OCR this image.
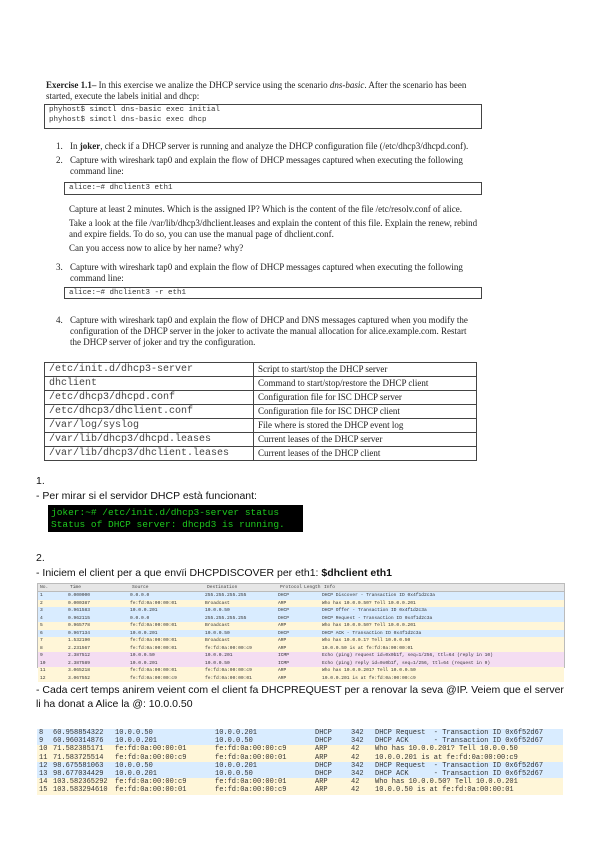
Exercise 1.1– In this exercise we analize the DHCP service using the scenario dns-basic. After the scenario has been started, execute the labels initial and dhcp:
phyhost$ simctl dns-basic exec initial
phyhost$ simctl dns-basic exec dhcp
1. In joker, check if a DHCP server is running and analyze the DHCP configuration file (/etc/dhcp3/dhcpd.conf).
2. Capture with wireshark tap0 and explain the flow of DHCP messages captured when executing the following command line:
alice:~# dhclient3 eth1
Capture at least 2 minutes. Which is the assigned IP? Which is the content of the file /etc/resolv.conf of alice.
Take a look at the file /var/lib/dhcp3/dhclient.leases and explain the content of this file. Explain the renew, rebind and expire fields. To do so, you can use the manual page of dhclient.conf.
Can you access now to alice by her name? why?
3. Capture with wireshark tap0 and explain the flow of DHCP messages captured when executing the following command line:
alice:~# dhclient3 -r eth1
4. Capture with wireshark tap0 and explain the flow of DHCP and DNS messages captured when you modify the configuration of the DHCP server in the joker to activate the manual allocation for alice.example.com. Restart the DHCP server of joker and try the configuration.
/etc/init.d/dhcp3-server	Script to start/stop the DHCP server
dhclient	Command to start/stop/restore the DHCP client
/etc/dhcp3/dhcpd.conf	Configuration file for ISC DHCP server
/etc/dhcp3/dhclient.conf	Configuration file for ISC DHCP client
/var/log/syslog	File where is stored the DHCP event log
/var/lib/dhcp3/dhcpd.leases	Current leases of the DHCP server
/var/lib/dhcp3/dhclient.leases	Current leases of the DHCP client
1.
- Per mirar si el servidor DHCP està funcionant:
joker:~# /etc/init.d/dhcp3-server status
Status of DHCP server: dhcpd3 is running.
2.
- Iniciem el client per a que envïi DHCPDISCOVER per eth1: $dhclient eth1
No.	Time	Source	Destination	Protocol Length Info
1	0.000000	0.0.0.0	255.255.255.255	DHCP	DHCP Discover - Transaction ID 0x4f1d2c3a
2	0.000387	fe:fd:0a:00:00:01	Broadcast	ARP	Who has 10.0.0.50? Tell 10.0.0.201
3	0.961583	10.0.0.201	10.0.0.50	DHCP	DHCP Offer - Transaction ID 0x4f1d2c3a
4	0.962115	0.0.0.0	255.255.255.255	DHCP	DHCP Request - Transaction ID 0x4f1d2c3a
5	0.965778	fe:fd:0a:00:00:01	Broadcast	ARP	Who has 10.0.0.50? Tell 10.0.0.201
6	0.967134	10.0.0.201	10.0.0.50	DHCP	DHCP ACK - Transaction ID 0x4f1d2c3a
7	1.532190	fe:fd:0a:00:00:01	Broadcast	ARP	Who has 10.0.0.1? Tell 10.0.0.50
8	2.231567	fe:fd:0a:00:00:01	fe:fd:0a:00:00:c9	ARP	10.0.0.50 is at fe:fd:0a:00:00:01
9	2.387512	10.0.0.50	10.0.0.201	ICMP	Echo (ping) request id=0x0b1f, seq=1/256, ttl=64 (reply in 10)
10	2.387589	10.0.0.201	10.0.0.50	ICMP	Echo (ping) reply id=0x0b1f, seq=1/256, ttl=64 (request in 9)
11	3.065218	fe:fd:0a:00:00:01	fe:fd:0a:00:00:c9	ARP	Who has 10.0.0.201? Tell 10.0.0.50
12	3.067552	fe:fd:0a:00:00:c9	fe:fd:0a:00:00:01	ARP	10.0.0.201 is at fe:fd:0a:00:00:c9
- Cada cert temps anirem veient com el client fa DHCPREQUEST per a renovar la seva @IP. Veiem que el server li ha donat a Alice la @: 10.0.0.50
8 60.958854322 10.0.0.50	10.0.0.201	DHCP	342 DHCP Request  - Transaction ID 0x6f52d67
9 60.960314876 10.0.0.201	10.0.0.50	DHCP	342 DHCP ACK      - Transaction ID 0x6f52d67
10 71.582385171 fe:fd:0a:00:00:01	fe:fd:0a:00:00:c9	ARP	42 Who has 10.0.0.201? Tell 10.0.0.50
11 71.583725514 fe:fd:0a:00:00:c9	fe:fd:0a:00:00:01	ARP	42 10.0.0.201 is at fe:fd:0a:00:00:c9
12 98.675581063 10.0.0.50	10.0.0.201	DHCP	342 DHCP Request  - Transaction ID 0x6f52d67
13 98.677034429 10.0.0.201	10.0.0.50	DHCP	342 DHCP ACK      - Transaction ID 0x6f52d67
14 103.582365292 fe:fd:0a:00:00:c9	fe:fd:0a:00:00:01	ARP	42 Who has 10.0.0.50? Tell 10.0.0.201
15 103.583294610 fe:fd:0a:00:00:01	fe:fd:0a:00:00:c9	ARP	42 10.0.0.50 is at fe:fd:0a:00:00:01
